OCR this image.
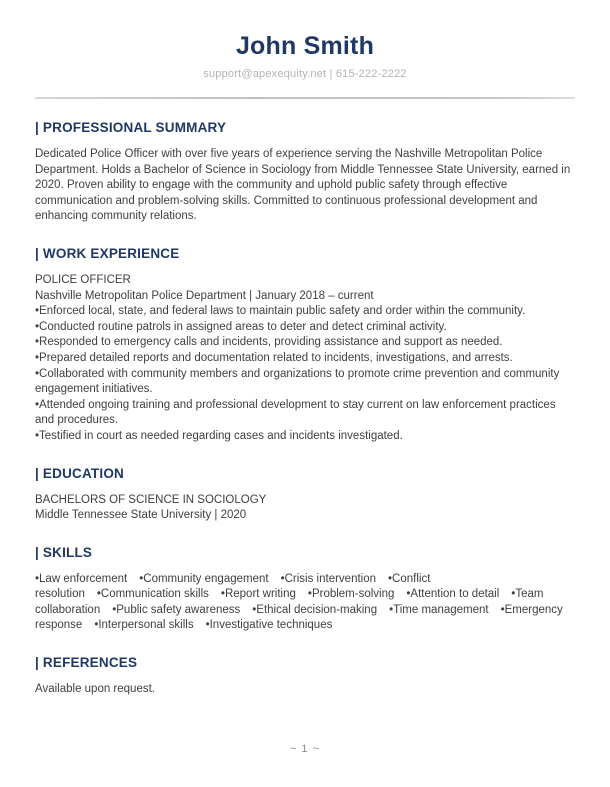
John Smith
support@apexequity.net | 615-222-2222
| PROFESSIONAL SUMMARY

Dedicated Police Officer with over five years of experience serving the Nashville Metropolitan Police Department. Holds a Bachelor of Science in Sociology from Middle Tennessee State University, earned in 2020. Proven ability to engage with the community and uphold public safety through effective communication and problem-solving skills. Committed to continuous professional development and enhancing community relations.

| WORK EXPERIENCE

POLICE OFFICER

Nashville Metropolitan Police Department | January 2018 – current

• Enforced local, state, and federal laws to maintain public safety and order within the community.

• Conducted routine patrols in assigned areas to deter and detect criminal activity.

• Responded to emergency calls and incidents, providing assistance and support as needed.

• Prepared detailed reports and documentation related to incidents, investigations, and arrests.

• Collaborated with community members and organizations to promote crime prevention and community engagement initiatives.

• Attended ongoing training and professional development to stay current on law enforcement practices and procedures.

• Testified in court as needed regarding cases and incidents investigated.

| EDUCATION

BACHELORS OF SCIENCE IN SOCIOLOGY

Middle Tennessee State University | 2020

| SKILLS

• Law enforcement • Community engagement • Crisis intervention • Conflict resolution • Communication skills • Report writing • Problem-solving • Attention to detail • Team collaboration • Public safety awareness • Ethical decision-making • Time management • Emergency response • Interpersonal skills • Investigative techniques

| REFERENCES

Available upon request.

~ 1 ~
